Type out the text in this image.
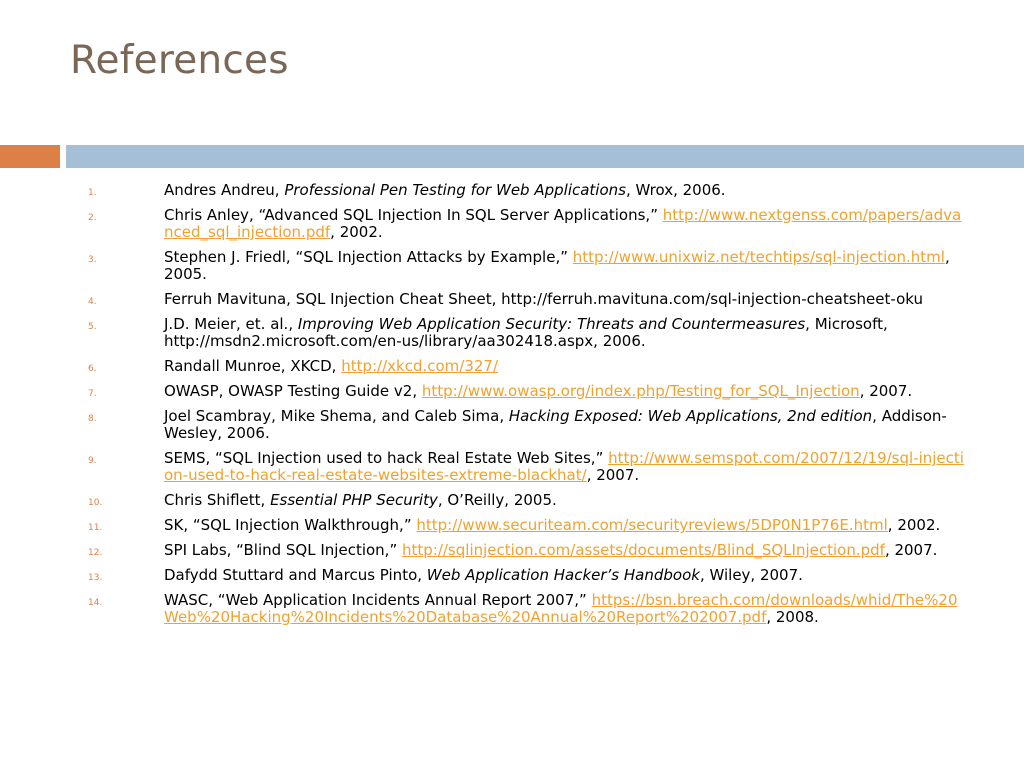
References
1.	Andres Andreu, Professional Pen Testing for Web Applications, Wrox, 2006.
2.	Chris Anley, “Advanced SQL Injection In SQL Server Applications,” http://www.nextgenss.com/papers/advanced_sql_injection.pdf, 2002.
3.	Stephen J. Friedl, “SQL Injection Attacks by Example,” http://www.unixwiz.net/techtips/sql-injection.html, 2005.
4.	Ferruh Mavituna, SQL Injection Cheat Sheet, http://ferruh.mavituna.com/sql-injection-cheatsheet-oku
5.	J.D. Meier, et. al., Improving Web Application Security: Threats and Countermeasures, Microsoft, http://msdn2.microsoft.com/en-us/library/aa302418.aspx, 2006.
6.	Randall Munroe, XKCD, http://xkcd.com/327/
7.	OWASP, OWASP Testing Guide v2, http://www.owasp.org/index.php/Testing_for_SQL_Injection, 2007.
8.	Joel Scambray, Mike Shema, and Caleb Sima, Hacking Exposed: Web Applications, 2nd edition, Addison-Wesley, 2006.
9.	SEMS, “SQL Injection used to hack Real Estate Web Sites,” http://www.semspot.com/2007/12/19/sql-injection-used-to-hack-real-estate-websites-extreme-blackhat/, 2007.
10.	Chris Shiflett, Essential PHP Security, O’Reilly, 2005.
11.	SK, “SQL Injection Walkthrough,” http://www.securiteam.com/securityreviews/5DP0N1P76E.html, 2002.
12.	SPI Labs, “Blind SQL Injection,” http://sqlinjection.com/assets/documents/Blind_SQLInjection.pdf, 2007.
13.	Dafydd Stuttard and Marcus Pinto, Web Application Hacker’s Handbook, Wiley, 2007.
14.	WASC, “Web Application Incidents Annual Report 2007,” https://bsn.breach.com/downloads/whid/The%20Web%20Hacking%20Incidents%20Database%20Annual%20Report%202007.pdf, 2008.
